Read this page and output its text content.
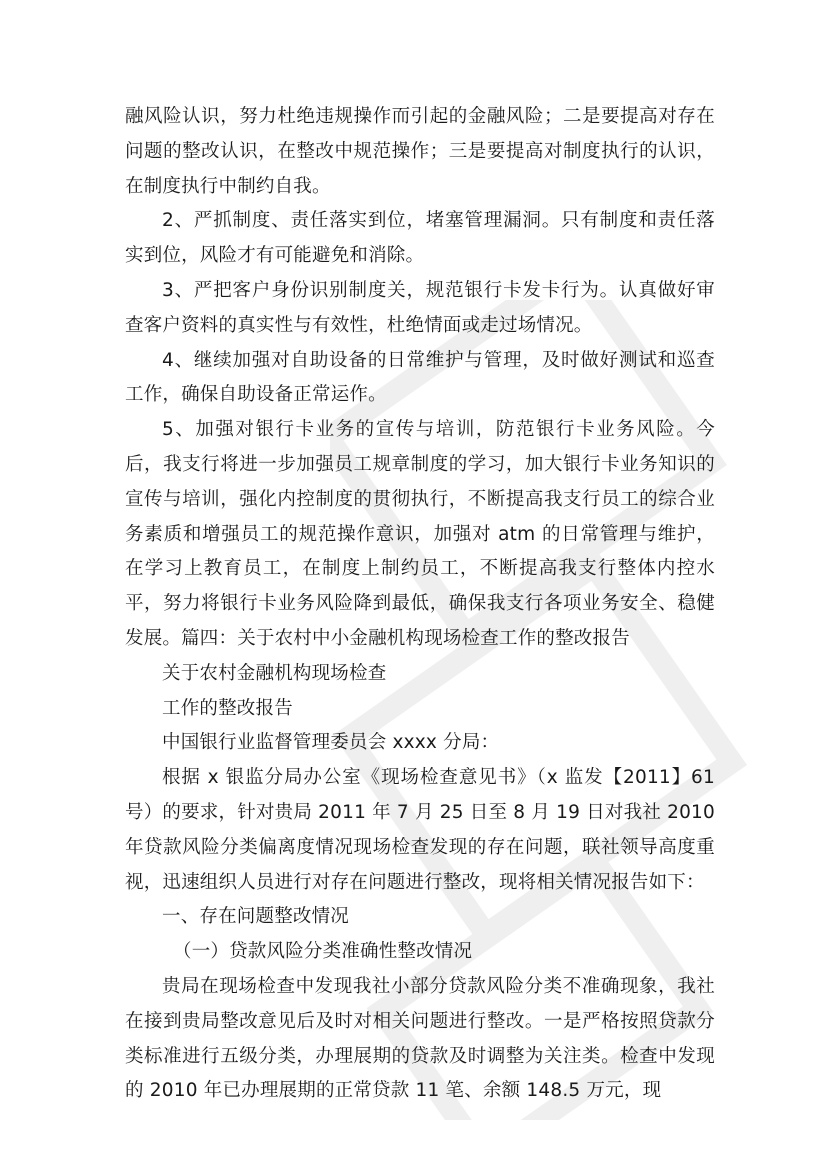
融风险认识，努力杜绝违规操作而引起的金融风险；二是要提高对存在问题的整改认识，在整改中规范操作；三是要提高对制度执行的认识，在制度执行中制约自我。

2、严抓制度、责任落实到位，堵塞管理漏洞。只有制度和责任落实到位，风险才有可能避免和消除。

3、严把客户身份识别制度关，规范银行卡发卡行为。认真做好审查客户资料的真实性与有效性，杜绝情面或走过场情况。

4、继续加强对自助设备的日常维护与管理，及时做好测试和巡查工作，确保自助设备正常运作。

5、加强对银行卡业务的宣传与培训，防范银行卡业务风险。今后，我支行将进一步加强员工规章制度的学习，加大银行卡业务知识的宣传与培训，强化内控制度的贯彻执行，不断提高我支行员工的综合业务素质和增强员工的规范操作意识，加强对 atm 的日常管理与维护，在学习上教育员工，在制度上制约员工，不断提高我支行整体内控水平，努力将银行卡业务风险降到最低，确保我支行各项业务安全、稳健发展。篇四：关于农村中小金融机构现场检查工作的整改报告

关于农村金融机构现场检查

工作的整改报告

中国银行业监督管理委员会 xxxx 分局：

根据 x 银监分局办公室《现场检查意见书》（x 监发【2011】61 号）的要求，针对贵局 2011 年 7 月 25 日至 8 月 19 日对我社 2010 年贷款风险分类偏离度情况现场检查发现的存在问题，联社领导高度重视，迅速组织人员进行对存在问题进行整改，现将相关情况报告如下：

一、存在问题整改情况

（一）贷款风险分类准确性整改情况

贵局在现场检查中发现我社小部分贷款风险分类不准确现象，我社在接到贵局整改意见后及时对相关问题进行整改。一是严格按照贷款分类标准进行五级分类，办理展期的贷款及时调整为关注类。检查中发现的 2010 年已办理展期的正常贷款 11 笔、余额 148.5 万元，现
